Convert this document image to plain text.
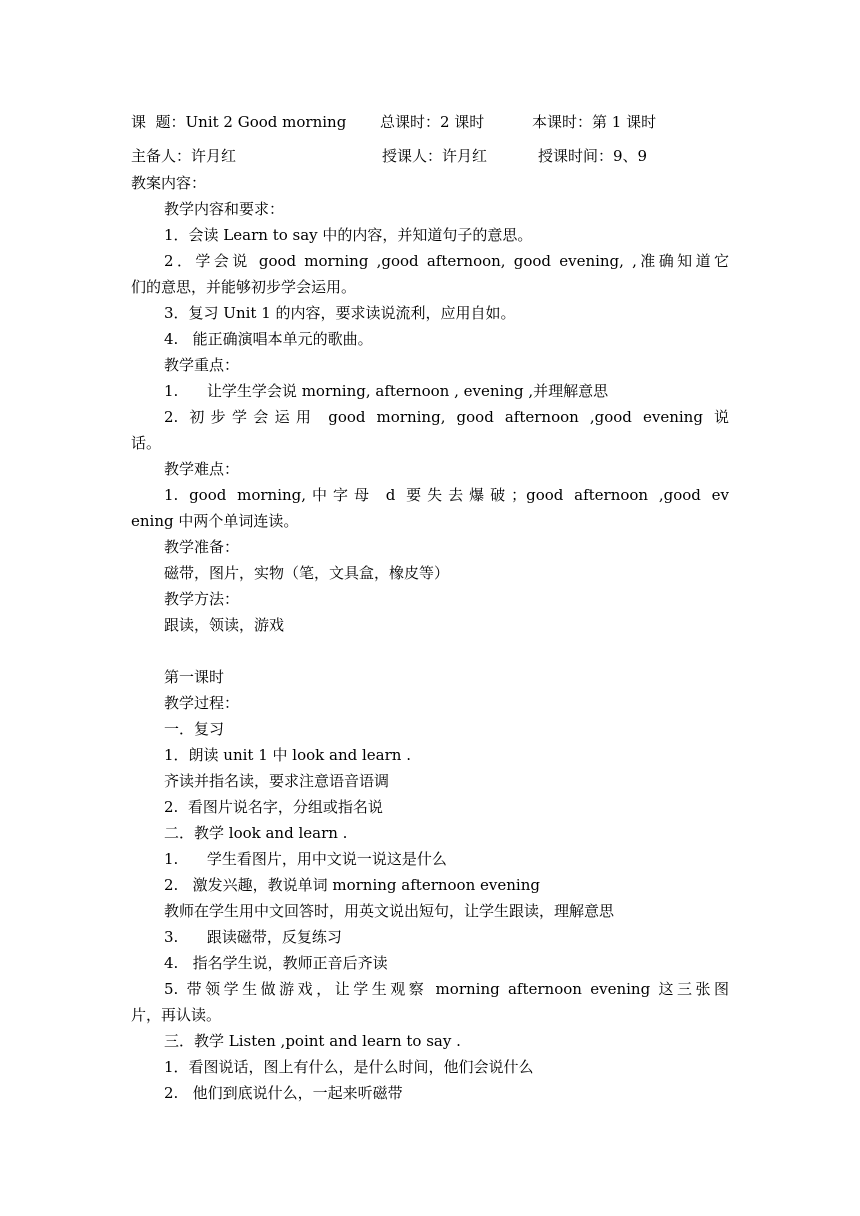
课  题：Unit 2 Good morning 总课时：2 课时	本课时：第 1 课时
主备人：许月红	授课人：许月红	授课时间：9、9
教案内容：
教学内容和要求：
1．会读 Learn to say 中的内容，并知道句子的意思。
2．学会说 good morning ,good afternoon, good evening, ,准确知道它
们的意思，并能够初步学会运用。
3．复习 Unit 1 的内容，要求读说流利，应用自如。
4.   能正确演唱本单元的歌曲。
教学重点：
1.      让学生学会说 morning, afternoon , evening ,并理解意思
2. 初步学会运用 good morning, good afternoon ,good evening 说
话。
教学难点：
1. good morning,中字母 d 要失去爆破；good afternoon ,good ev
ening 中两个单词连读。
教学准备：
磁带，图片，实物（笔，文具盒，橡皮等）
教学方法：
跟读，领读，游戏
第一课时
教学过程：
一．复习
1．朗读 unit 1 中 look and learn .
齐读并指名读，要求注意语音语调
2.  看图片说名字，分组或指名说
二．教学 look and learn .
1.      学生看图片，用中文说一说这是什么
2.   激发兴趣，教说单词 morning afternoon evening
教师在学生用中文回答时，用英文说出短句，让学生跟读，理解意思
3.      跟读磁带，反复练习
4.   指名学生说，教师正音后齐读
5. 带领学生做游戏，让学生观察 morning afternoon evening 这三张图
片，再认读。
三．教学 Listen ,point and learn to say .
1．看图说话，图上有什么，是什么时间，他们会说什么
2.   他们到底说什么，一起来听磁带
